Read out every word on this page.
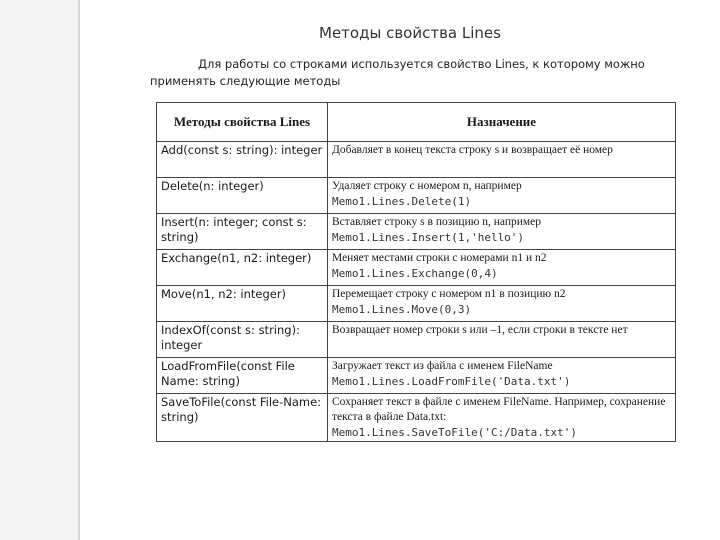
Методы свойства Lines
Для работы со строками используется свойство Lines, к которому можно применять следующие методы
Методы свойства Lines	Назначение
Add(const s: string): integer	Добавляет в конец текста строку s и возвращает её номер

Delete(n: integer)	Удаляет строку с номером n, например
Memo1.Lines.Delete(1)

Insert(n: integer; const s: string)	Вставляет строку s в позицию n, например
Memo1.Lines.Insert(1,'hello')

Exchange(n1, n2: integer)	Меняет местами строки с номерами n1 и n2
Memo1.Lines.Exchange(0,4)

Move(n1, n2: integer)	Перемещает строку с номером n1 в позицию n2
Memo1.Lines.Move(0,3)

IndexOf(const s: string): integer	Возвращает номер строки s или –1, если строки в тексте нет

LoadFromFile(const File Name: string)	Загружает текст из файла с именем FileName
Memo1.Lines.LoadFromFile('Data.txt')

SaveToFile(const File-Name: string)	Сохраняет текст в файле с именем FileName. Например, сохранение текста в файле Data.txt:
Memo1.Lines.SaveToFile('C:/Data.txt')
